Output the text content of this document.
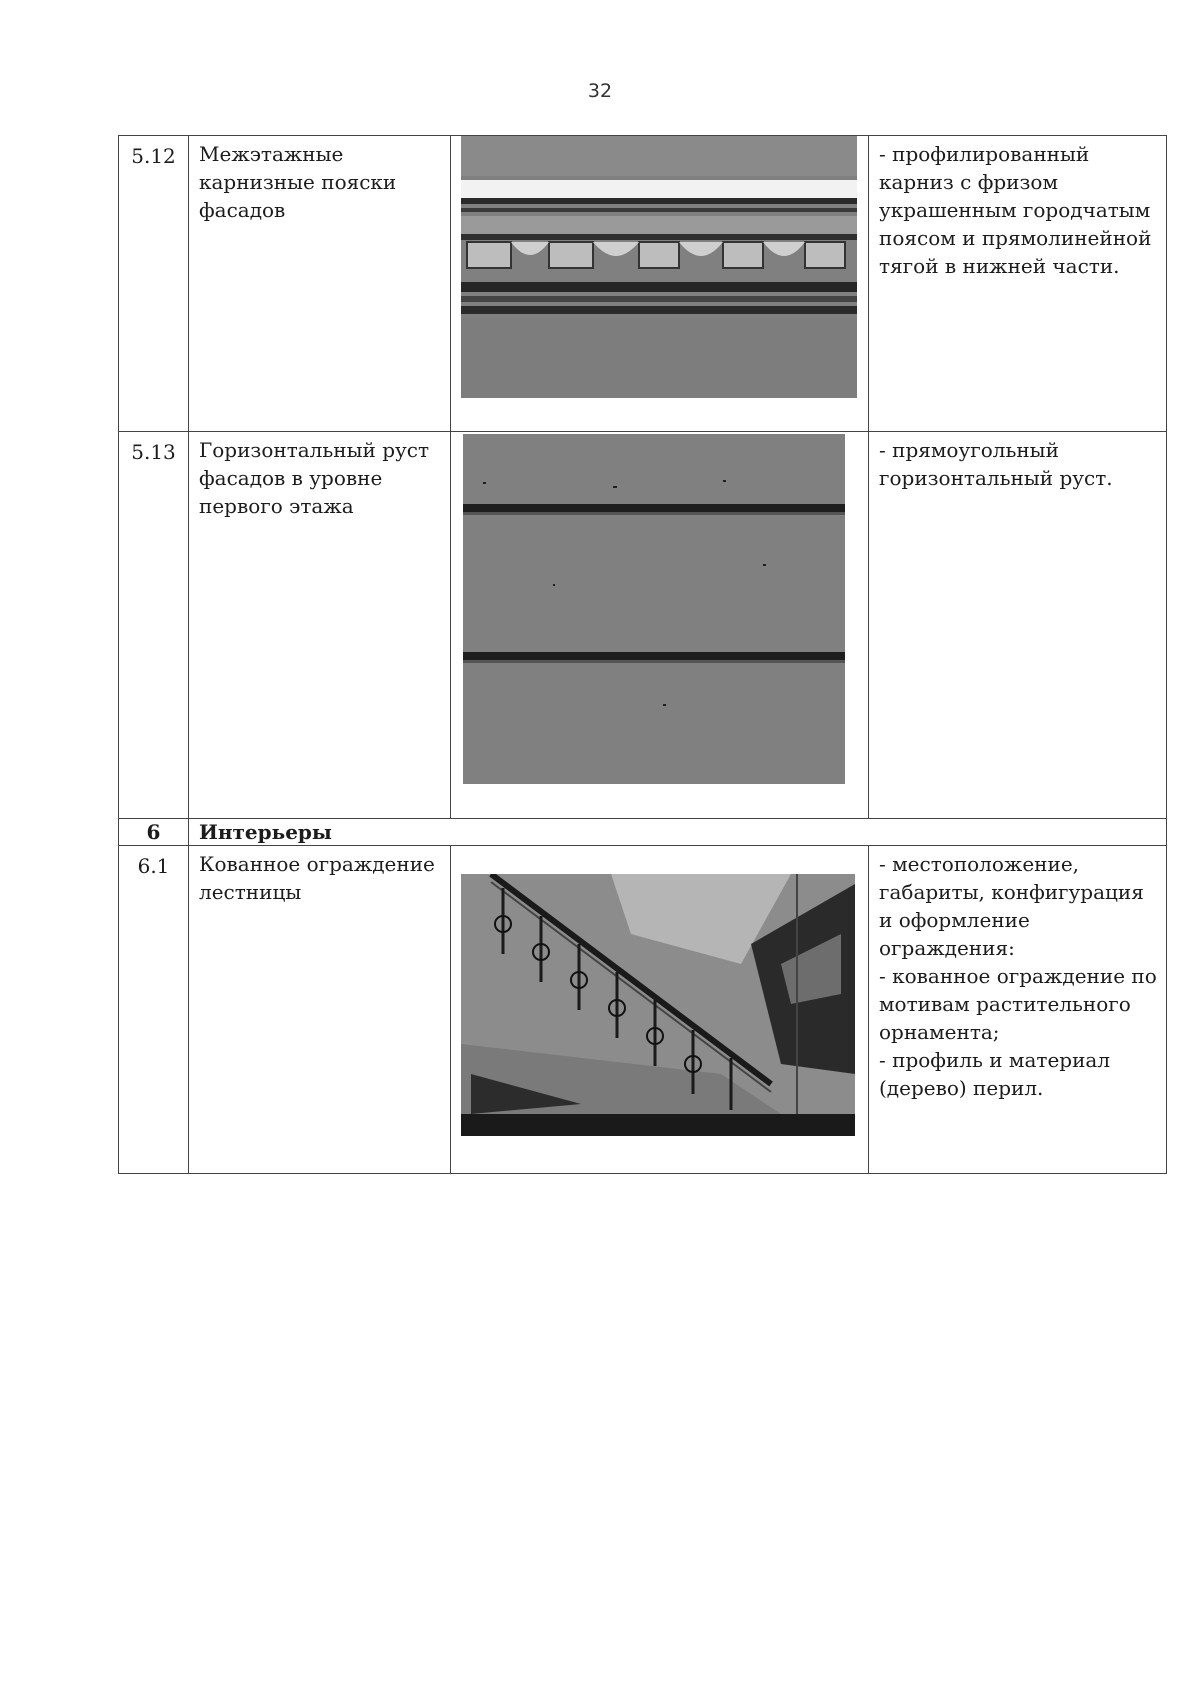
32
5.12	Межэтажные карнизные пояски фасадов		- профилированный карниз с фризом украшенным городчатым поясом и прямолинейной тягой в нижней части.

5.13	Горизонтальный руст фасадов в уровне первого этажа		- прямоугольный горизонтальный руст.

6	Интерьеры		

6.1	Кованное ограждение лестницы		- местоположение, габариты, конфигурация и оформление ограждения:
- кованное ограждение по мотивам растительного орнамента;
- профиль и материал (дерево) перил.
